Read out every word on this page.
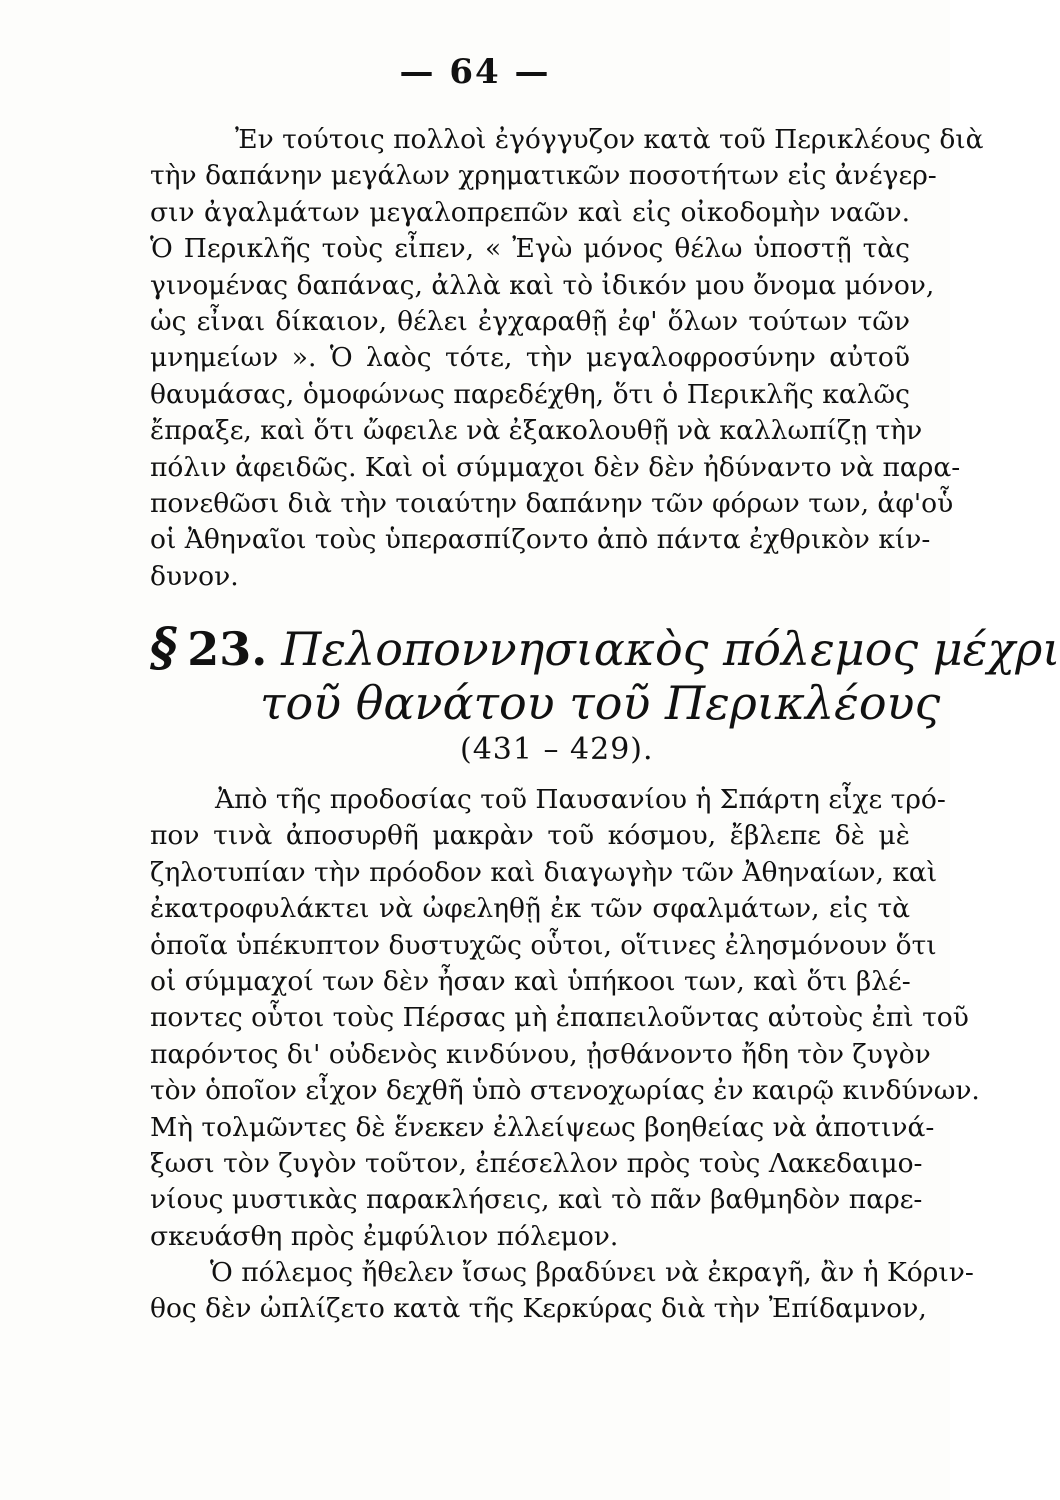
— 64 —
Ἐν τούτοις πολλοὶ ἐγόγγυζον κατὰ τοῦ Περικλέους διὰ
τὴν δαπάνην μεγάλων χρηματικῶν ποσοτήτων εἰς ἀνέγερ-
σιν ἀγαλμάτων μεγαλοπρεπῶν καὶ εἰς οἰκοδομὴν ναῶν.
Ὁ Περικλῆς τοὺς εἶπεν, « Ἐγὼ μόνος θέλω ὑποστῇ τὰς
γινομένας δαπάνας, ἀλλὰ καὶ τὸ ἰδικόν μου ὄνομα μόνον,
ὡς εἶναι δίκαιον, θέλει ἐγχαραθῇ ἐφ' ὅλων τούτων τῶν
μνημείων ». Ὁ λαὸς τότε, τὴν μεγαλοφροσύνην αὐτοῦ
θαυμάσας, ὁμοφώνως παρεδέχθη, ὅτι ὁ Περικλῆς καλῶς
ἔπραξε, καὶ ὅτι ὤφειλε νὰ ἐξακολουθῇ νὰ καλλωπίζῃ τὴν
πόλιν ἀφειδῶς. Καὶ οἱ σύμμαχοι δὲν δὲν ἠδύναντο νὰ παρα-
πονεθῶσι διὰ τὴν τοιαύτην δαπάνην τῶν φόρων των, ἀφ'οὗ
οἱ Ἀθηναῖοι τοὺς ὑπερασπίζοντο ἀπὸ πάντα ἐχθρικὸν κίν-
δυνον.
§ 23. Πελοποννησιακὸς πόλεμος μέχρι
τοῦ θανάτου τοῦ Περικλέους
(431 – 429).
Ἀπὸ τῆς προδοσίας τοῦ Παυσανίου ἡ Σπάρτη εἶχε τρό-
πον τινὰ ἀποσυρθῆ μακρὰν τοῦ κόσμου, ἔβλεπε δὲ μὲ
ζηλοτυπίαν τὴν πρόοδον καὶ διαγωγὴν τῶν Ἀθηναίων, καὶ
ἐκατροφυλάκτει νὰ ὠφεληθῇ ἐκ τῶν σφαλμάτων, εἰς τὰ
ὁποῖα ὑπέκυπτον δυστυχῶς οὗτοι, οἵτινες ἐλησμόνουν ὅτι
οἱ σύμμαχοί των δὲν ἦσαν καὶ ὑπήκοοι των, καὶ ὅτι βλέ-
ποντες οὗτοι τοὺς Πέρσας μὴ ἐπαπειλοῦντας αὐτοὺς ἐπὶ τοῦ
παρόντος δι' οὐδενὸς κινδύνου, ᾐσθάνοντο ἤδη τὸν ζυγὸν
τὸν ὁποῖον εἶχον δεχθῆ ὑπὸ στενοχωρίας ἐν καιρῷ κινδύνων.
Μὴ τολμῶντες δὲ ἕνεκεν ἐλλείψεως βοηθείας νὰ ἀποτινά-
ξωσι τὸν ζυγὸν τοῦτον, ἐπέσελλον πρὸς τοὺς Λακεδαιμο-
νίους μυστικὰς παρακλήσεις, καὶ τὸ πᾶν βαθμηδὸν παρε-
σκευάσθη πρὸς ἐμφύλιον πόλεμον.
Ὁ πόλεμος ἤθελεν ἴσως βραδύνει νὰ ἐκραγῆ, ἂν ἡ Κόριν-
θος δὲν ὠπλίζετο κατὰ τῆς Κερκύρας διὰ τὴν Ἐπίδαμνον,
